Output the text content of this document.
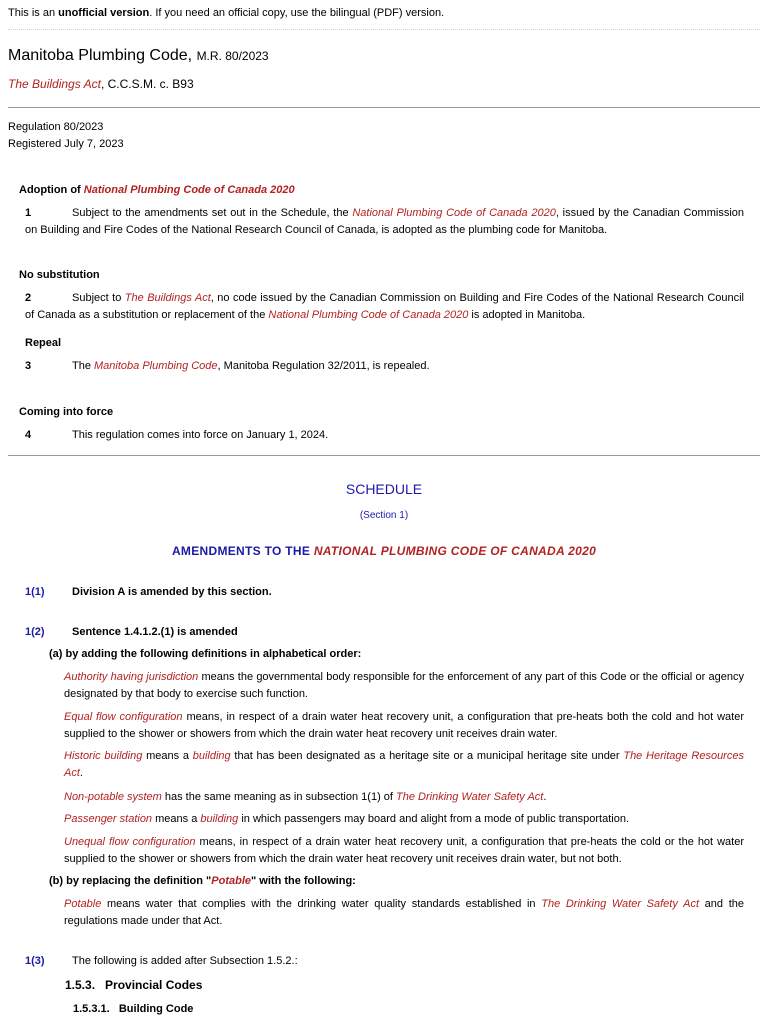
This is an unofficial version. If you need an official copy, use the bilingual (PDF) version.
Manitoba Plumbing Code, M.R. 80/2023
The Buildings Act, C.C.S.M. c. B93
Regulation 80/2023
Registered July 7, 2023
Adoption of National Plumbing Code of Canada 2020
1	Subject to the amendments set out in the Schedule, the National Plumbing Code of Canada 2020, issued by the Canadian Commission on Building and Fire Codes of the National Research Council of Canada, is adopted as the plumbing code for Manitoba.
No substitution
2	Subject to The Buildings Act, no code issued by the Canadian Commission on Building and Fire Codes of the National Research Council of Canada as a substitution or replacement of the National Plumbing Code of Canada 2020 is adopted in Manitoba.
Repeal
3	The Manitoba Plumbing Code, Manitoba Regulation 32/2011, is repealed.
Coming into force
4	This regulation comes into force on January 1, 2024.
SCHEDULE
(Section 1)
AMENDMENTS TO THE NATIONAL PLUMBING CODE OF CANADA 2020
1(1) Division A is amended by this section.
1(2) Sentence 1.4.1.2.(1) is amended
(a) by adding the following definitions in alphabetical order:
Authority having jurisdiction means the governmental body responsible for the enforcement of any part of this Code or the official or agency designated by that body to exercise such function.
Equal flow configuration means, in respect of a drain water heat recovery unit, a configuration that pre-heats both the cold and hot water supplied to the shower or showers from which the drain water heat recovery unit receives drain water.
Historic building means a building that has been designated as a heritage site or a municipal heritage site under The Heritage Resources Act.
Non-potable system has the same meaning as in subsection 1(1) of The Drinking Water Safety Act.
Passenger station means a building in which passengers may board and alight from a mode of public transportation.
Unequal flow configuration means, in respect of a drain water heat recovery unit, a configuration that pre-heats the cold or the hot water supplied to the shower or showers from which the drain water heat recovery unit receives drain water, but not both.
(b) by replacing the definition "Potable" with the following:
Potable means water that complies with the drinking water quality standards established in The Drinking Water Safety Act and the regulations made under that Act.
1(3) The following is added after Subsection 1.5.2.:
1.5.3.   Provincial Codes
1.5.3.1.   Building Code
